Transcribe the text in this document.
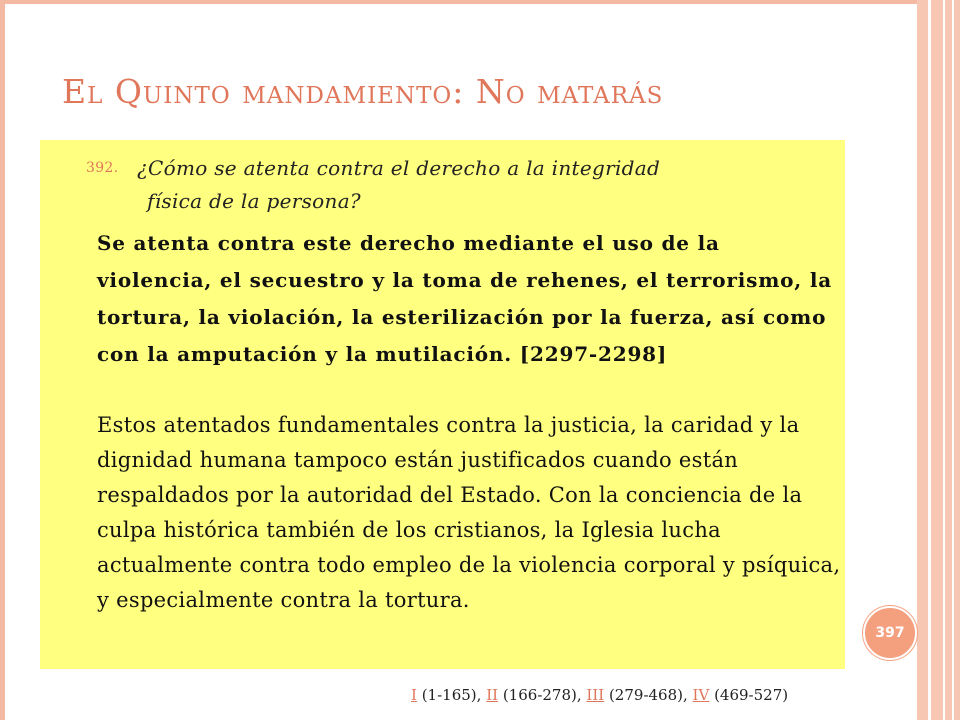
El Quinto mandamiento: No matarás
392. ¿Cómo se atenta contra el derecho a la integridad
física de la persona?
Se atenta contra este derecho mediante el uso de la violencia, el secuestro y la toma de rehenes, el terrorismo, la tortura, la violación, la esterilización por la fuerza, así como con la amputación y la mutilación. [2297-2298]
Estos atentados fundamentales contra la justicia, la caridad y la dignidad humana tampoco están justificados cuando están respaldados por la autoridad del Estado. Con la conciencia de la culpa histórica también de los cristianos, la Iglesia lucha actualmente contra todo empleo de la violencia corporal y psíquica, y especialmente contra la tortura.
397
I (1-165), II (166-278), III (279-468), IV (469-527)
